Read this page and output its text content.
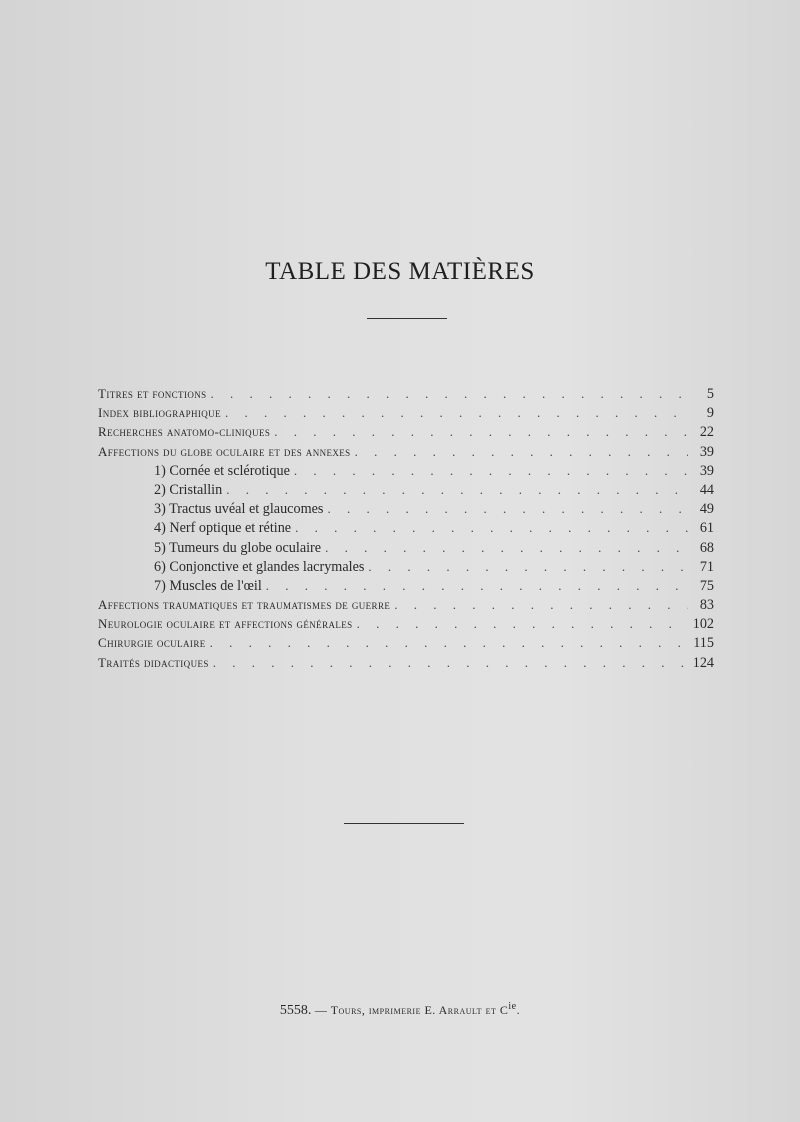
TABLE DES MATIÈRES
Titres et fonctions . . .	5
Index bibliographique . . .	9
Recherches anatomo-cliniques . . .	22
Affections du globe oculaire et des annexes . . .	39
1) Cornée et sclérotique . . .	39
2) Cristallin . . .	44
3) Tractus uvéal et glaucomes . . .	49
4) Nerf optique et rétine . . .	61
5) Tumeurs du globe oculaire . . .	68
6) Conjonctive et glandes lacrymales . . .	71
7) Muscles de l'œil . . .	75
Affections traumatiques et traumatismes de guerre . . .	83
Neurologie oculaire et affections générales . . .	102
Chirurgie oculaire . . .	115
Traités didactiques . . .	124
5558. — Tours, imprimerie E. Arrault et $C^{ie}$.
